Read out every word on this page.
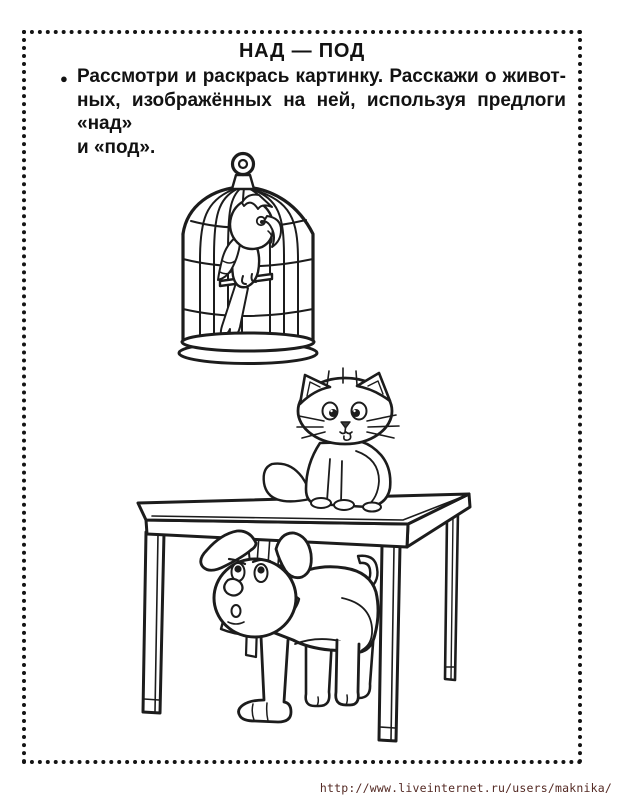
НАД — ПОД
● Рассмотри и раскрась картинку. Расскажи о живот-
ных, изображённых на ней, используя предлоги «над»
и «под».
http://www.liveinternet.ru/users/maknika/
